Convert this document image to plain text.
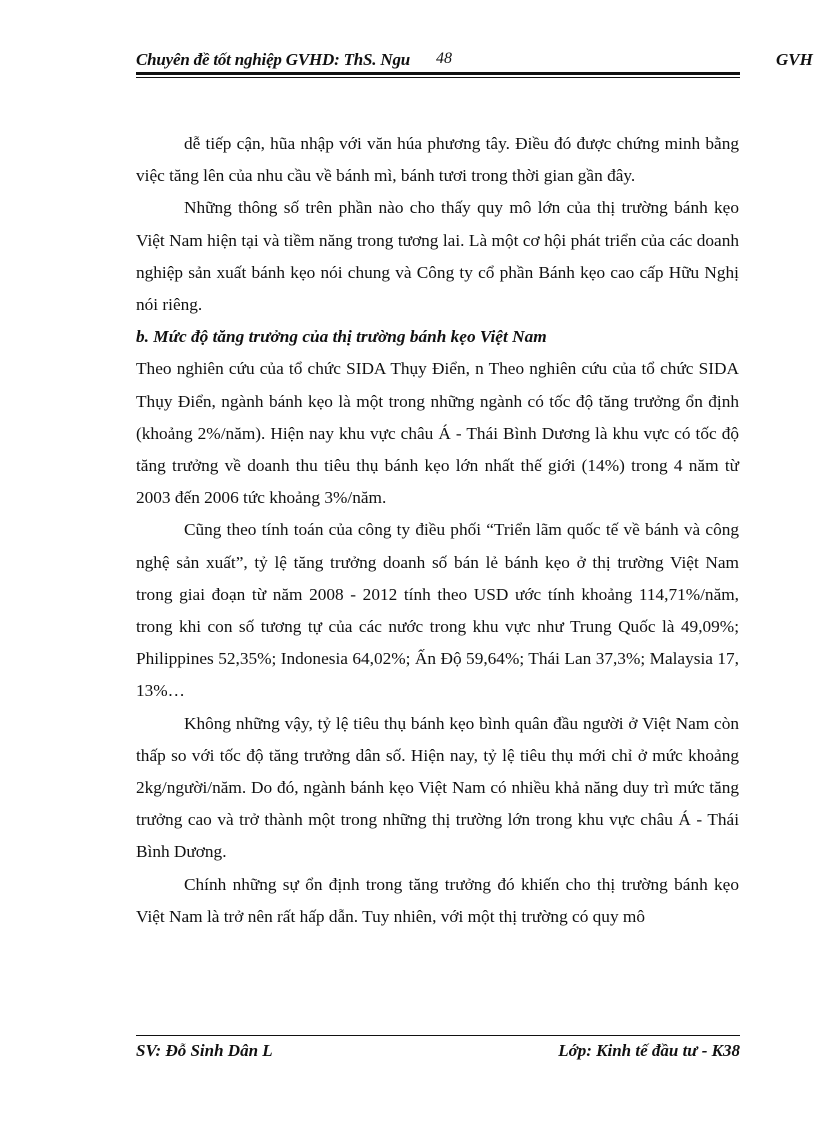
Chuyên đề tốt nghiệp GVHD: ThS. Ngu 48	GVH

dễ tiếp cận, hũa nhập với văn húa phương tây. Điều đó được chứng minh bằng việc tăng lên của nhu cầu về bánh mì, bánh tươi trong thời gian gần đây.

Những thông số trên phần nào cho thấy quy mô lớn của thị trường bánh kẹo Việt Nam hiện tại và tiềm năng trong tương lai. Là một cơ hội phát triển của các doanh nghiệp sản xuất bánh kẹo nói chung và Công ty cổ phần Bánh kẹo cao cấp Hữu Nghị nói riêng.

b. Mức độ tăng trưởng của thị trường bánh kẹo Việt Nam

Theo nghiên cứu của tổ chức SIDA Thụy Điển, n Theo nghiên cứu của tổ chức SIDA Thụy Điển, ngành bánh kẹo là một trong những ngành có tốc độ tăng trưởng ổn định (khoảng 2%/năm). Hiện nay khu vực châu Á - Thái Bình Dương là khu vực có tốc độ tăng trưởng về doanh thu tiêu thụ bánh kẹo lớn nhất thế giới (14%) trong 4 năm từ 2003 đến 2006 tức khoảng 3%/năm.

Cũng theo tính toán của công ty điều phối “Triển lãm quốc tế về bánh và công nghệ sản xuất”, tỷ lệ tăng trưởng doanh số bán lẻ bánh kẹo ở thị trường Việt Nam trong giai đoạn từ năm 2008 - 2012 tính theo USD ước tính khoảng 114,71%/năm, trong khi con số tương tự của các nước trong khu vực như Trung Quốc là 49,09%; Philippines 52,35%; Indonesia 64,02%; Ấn Độ 59,64%; Thái Lan 37,3%; Malaysia 17, 13%…

Không những vậy, tỷ lệ tiêu thụ bánh kẹo bình quân đầu người ở Việt Nam còn thấp so với tốc độ tăng trưởng dân số. Hiện nay, tỷ lệ tiêu thụ mới chỉ ở mức khoảng 2kg/người/năm. Do đó, ngành bánh kẹo Việt Nam có nhiều khả năng duy trì mức tăng trưởng cao và trở thành một trong những thị trường lớn trong khu vực châu Á - Thái Bình Dương.

Chính những sự ổn định trong tăng trưởng đó khiến cho thị trường bánh kẹo Việt Nam là trở nên rất hấp dẫn. Tuy nhiên, với một thị trường có quy mô

SV: Đỗ Sinh Dân L	Lớp: Kinh tế đầu tư - K38
